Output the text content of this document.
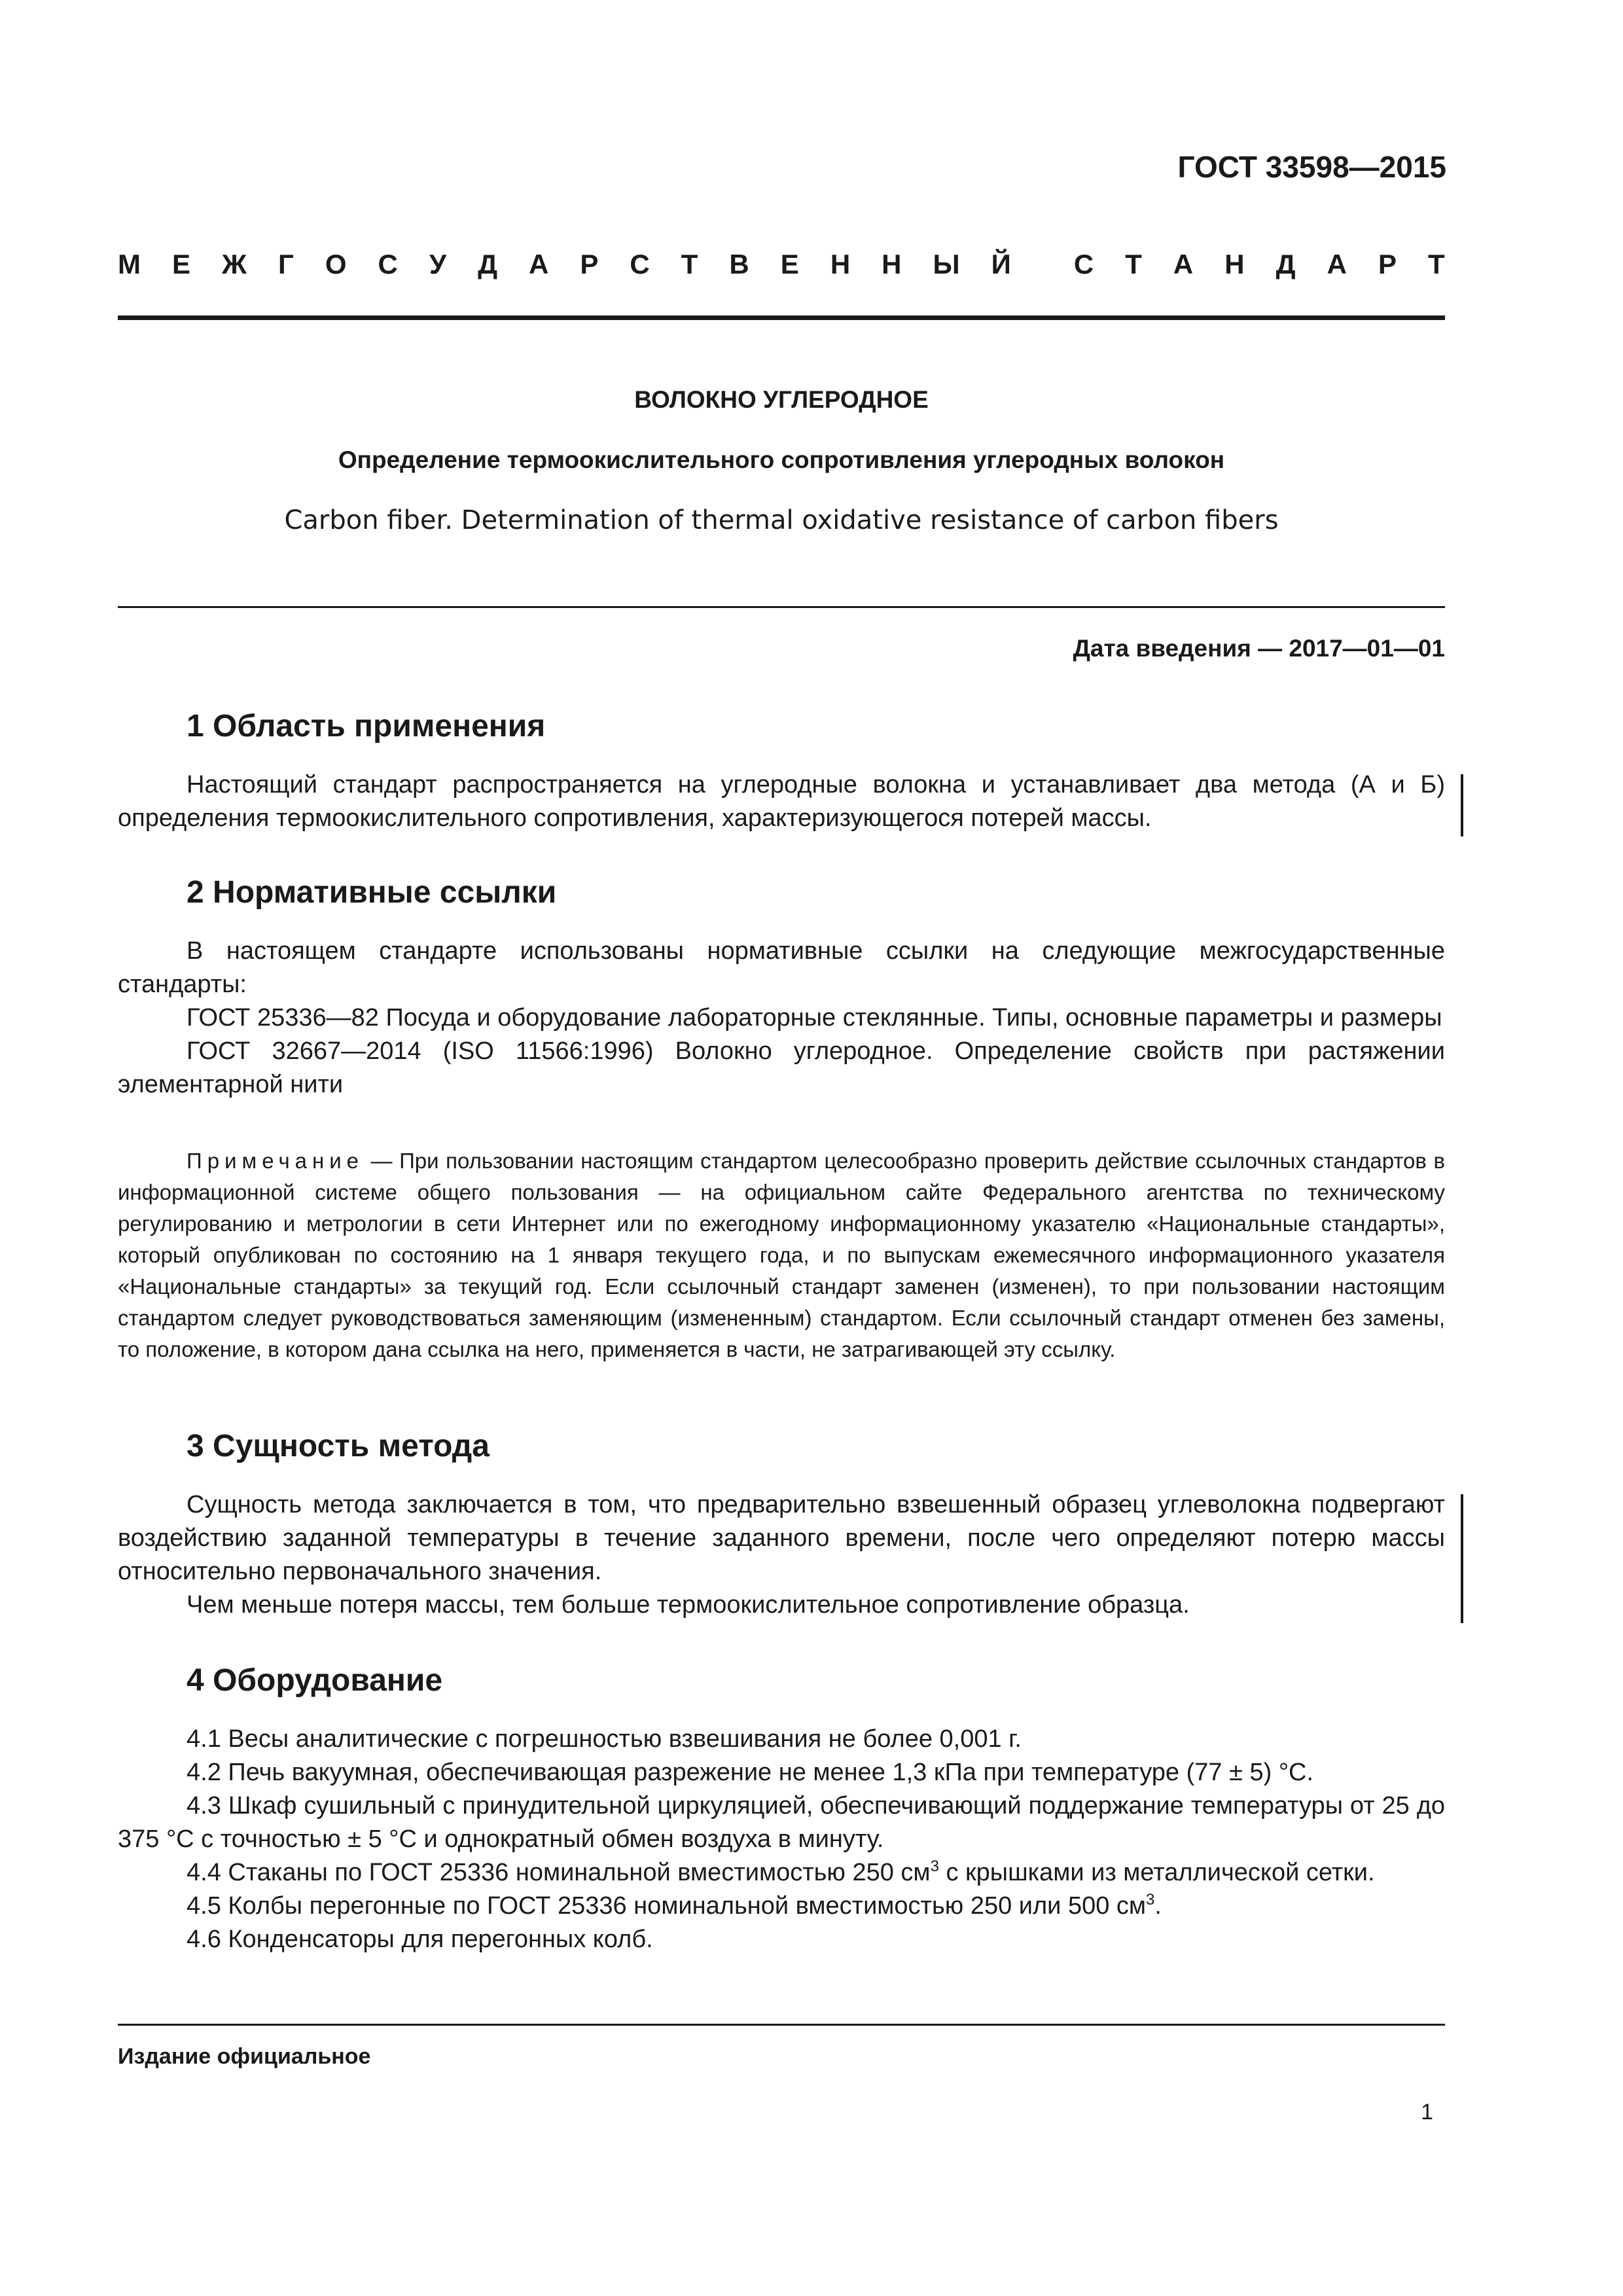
ГОСТ 33598—2015
М Е Ж Г О С У Д А Р С Т В Е Н Н Ы Й С Т А Н Д А Р Т
ВОЛОКНО УГЛЕРОДНОЕ
Определение термоокислительного сопротивления углеродных волокон
Carbon fiber. Determination of thermal oxidative resistance of carbon fibers
Дата введения — 2017—01—01
1 Область применения

Настоящий стандарт распространяется на углеродные волокна и устанавливает два метода (А и Б) определения термоокислительного сопротивления, характеризующегося потерей массы.

2 Нормативные ссылки

В настоящем стандарте использованы нормативные ссылки на следующие межгосударственные стандарты:

ГОСТ 25336—82 Посуда и оборудование лабораторные стеклянные. Типы, основные параметры и размеры

ГОСТ 32667—2014 (ISO 11566:1996) Волокно углеродное. Определение свойств при растяжении элементарной нити

Примечание — При пользовании настоящим стандартом целесообразно проверить действие ссылочных стандартов в информационной системе общего пользования — на официальном сайте Федерального агентства по техническому регулированию и метрологии в сети Интернет или по ежегодному информационному указателю «Национальные стандарты», который опубликован по состоянию на 1 января текущего года, и по выпускам ежемесячного информационного указателя «Национальные стандарты» за текущий год. Если ссылочный стандарт заменен (изменен), то при пользовании настоящим стандартом следует руководствоваться заменяющим (измененным) стандартом. Если ссылочный стандарт отменен без замены, то положение, в котором дана ссылка на него, применяется в части, не затрагивающей эту ссылку.

3 Сущность метода

Сущность метода заключается в том, что предварительно взвешенный образец углеволокна подвергают воздействию заданной температуры в течение заданного времени, после чего определяют потерю массы относительно первоначального значения.

Чем меньше потеря массы, тем больше термоокислительное сопротивление образца.

4 Оборудование

4.1 Весы аналитические с погрешностью взвешивания не более 0,001 г.

4.2 Печь вакуумная, обеспечивающая разрежение не менее 1,3 кПа при температуре (77 ± 5) °С.

4.3 Шкаф сушильный с принудительной циркуляцией, обеспечивающий поддержание температуры от 25 до 375 °С с точностью ± 5 °С и однократный обмен воздуха в минуту.

4.4 Стаканы по ГОСТ 25336 номинальной вместимостью 250 $см^3$ с крышками из металлической сетки.

4.5 Колбы перегонные по ГОСТ 25336 номинальной вместимостью 250 или 500 $см^3$.

4.6 Конденсаторы для перегонных колб.

Издание официальное
1
